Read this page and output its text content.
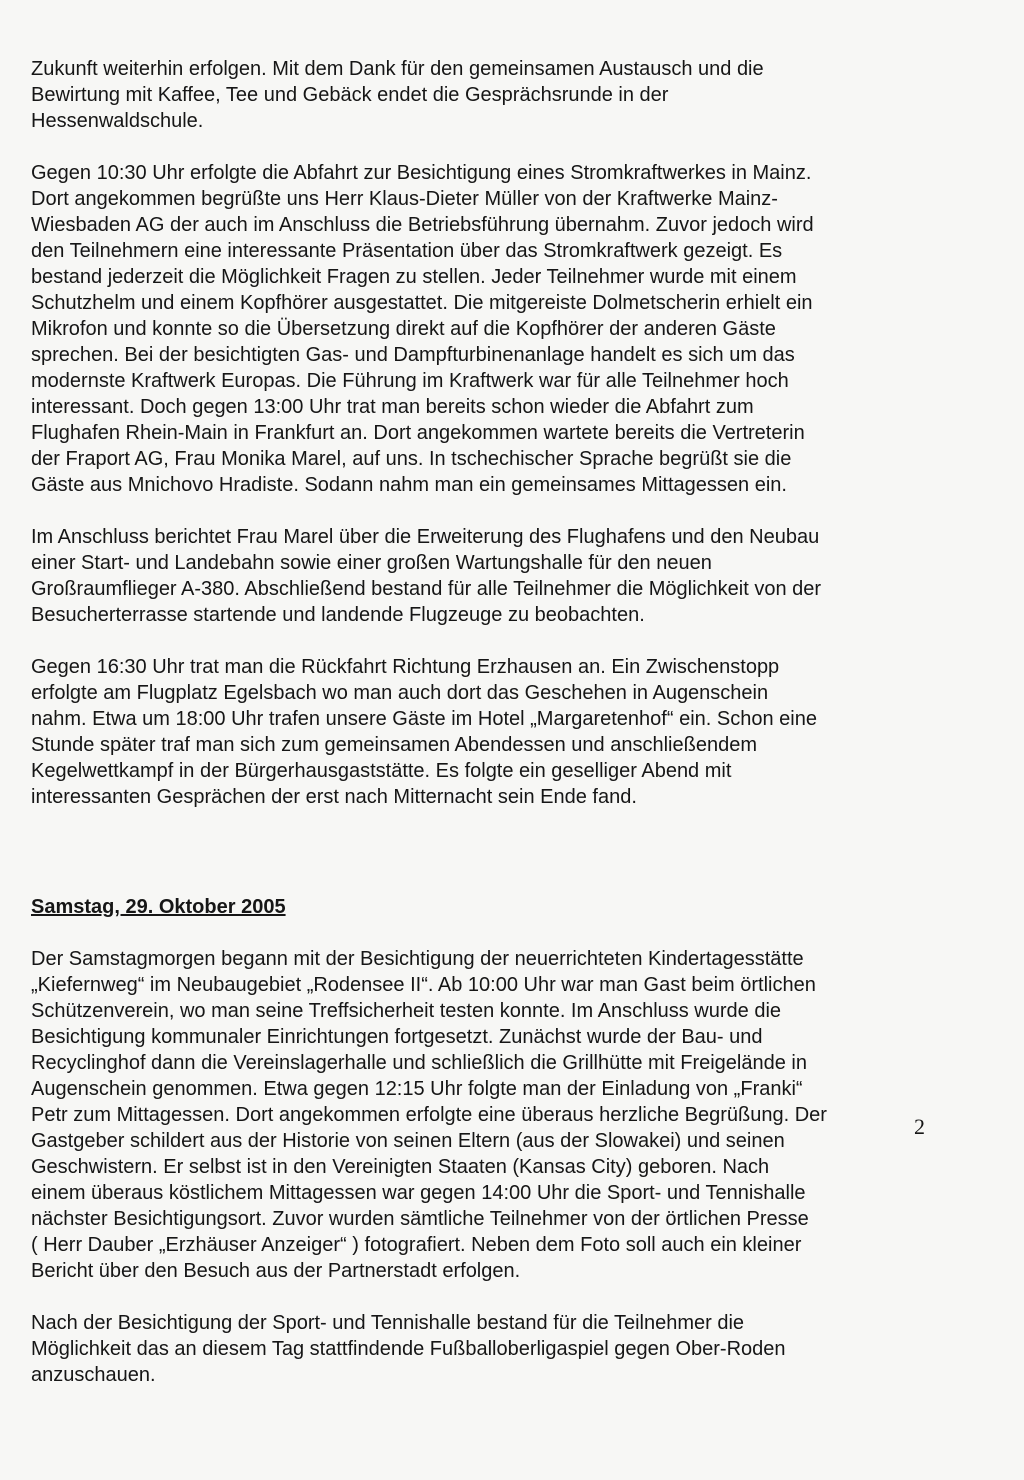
Zukunft weiterhin erfolgen. Mit dem Dank für den gemeinsamen Austausch und die
Bewirtung mit Kaffee, Tee und Gebäck endet die Gesprächsrunde in der
Hessenwaldschule.

Gegen 10:30 Uhr erfolgte die Abfahrt zur Besichtigung eines Stromkraftwerkes in Mainz.
Dort angekommen begrüßte uns Herr Klaus-Dieter Müller von der Kraftwerke Mainz-
Wiesbaden AG der auch im Anschluss die Betriebsführung übernahm. Zuvor jedoch wird
den Teilnehmern eine interessante Präsentation über das Stromkraftwerk gezeigt. Es
bestand jederzeit die Möglichkeit Fragen zu stellen. Jeder Teilnehmer wurde mit einem
Schutzhelm und einem Kopfhörer ausgestattet. Die mitgereiste Dolmetscherin erhielt ein
Mikrofon und konnte so die Übersetzung direkt auf die Kopfhörer der anderen Gäste
sprechen. Bei der besichtigten Gas- und Dampfturbinenanlage handelt es sich um das
modernste Kraftwerk Europas. Die Führung im Kraftwerk war für alle Teilnehmer hoch
interessant. Doch gegen 13:00 Uhr trat man bereits schon wieder die Abfahrt zum
Flughafen Rhein-Main in Frankfurt an. Dort angekommen wartete bereits die Vertreterin
der Fraport AG, Frau Monika Marel, auf uns. In tschechischer Sprache begrüßt sie die
Gäste aus Mnichovo Hradiste. Sodann nahm man ein gemeinsames Mittagessen ein.

Im Anschluss berichtet Frau Marel über die Erweiterung des Flughafens und den Neubau
einer Start- und Landebahn sowie einer großen Wartungshalle für den neuen
Großraumflieger A-380. Abschließend bestand für alle Teilnehmer die Möglichkeit von der
Besucherterrasse startende und landende Flugzeuge zu beobachten.

Gegen 16:30 Uhr trat man die Rückfahrt Richtung Erzhausen an. Ein Zwischenstopp
erfolgte am Flugplatz Egelsbach wo man auch dort das Geschehen in Augenschein
nahm. Etwa um 18:00 Uhr trafen unsere Gäste im Hotel „Margaretenhof“ ein. Schon eine
Stunde später traf man sich zum gemeinsamen Abendessen und anschließendem
Kegelwettkampf in der Bürgerhausgaststätte. Es folgte ein geselliger Abend mit
interessanten Gesprächen der erst nach Mitternacht sein Ende fand.

Samstag, 29. Oktober 2005

Der Samstagmorgen begann mit der Besichtigung der neuerrichteten Kindertagesstätte
„Kiefernweg“ im Neubaugebiet „Rodensee II“. Ab 10:00 Uhr war man Gast beim örtlichen
Schützenverein, wo man seine Treffsicherheit testen konnte. Im Anschluss wurde die
Besichtigung kommunaler Einrichtungen fortgesetzt. Zunächst wurde der Bau- und
Recyclinghof dann die Vereinslagerhalle und schließlich die Grillhütte mit Freigelände in
Augenschein genommen. Etwa gegen 12:15 Uhr folgte man der Einladung von „Franki“
Petr zum Mittagessen. Dort angekommen erfolgte eine überaus herzliche Begrüßung. Der
Gastgeber schildert aus der Historie von seinen Eltern (aus der Slowakei) und seinen
Geschwistern. Er selbst ist in den Vereinigten Staaten (Kansas City) geboren. Nach
einem überaus köstlichem Mittagessen war gegen 14:00 Uhr die Sport- und Tennishalle
nächster Besichtigungsort. Zuvor wurden sämtliche Teilnehmer von der örtlichen Presse
( Herr Dauber „Erzhäuser Anzeiger“ ) fotografiert. Neben dem Foto soll auch ein kleiner
Bericht über den Besuch aus der Partnerstadt erfolgen.

Nach der Besichtigung der Sport- und Tennishalle bestand für die Teilnehmer die
Möglichkeit das an diesem Tag stattfindende Fußballoberligaspiel gegen Ober-Roden
anzuschauen.

2
